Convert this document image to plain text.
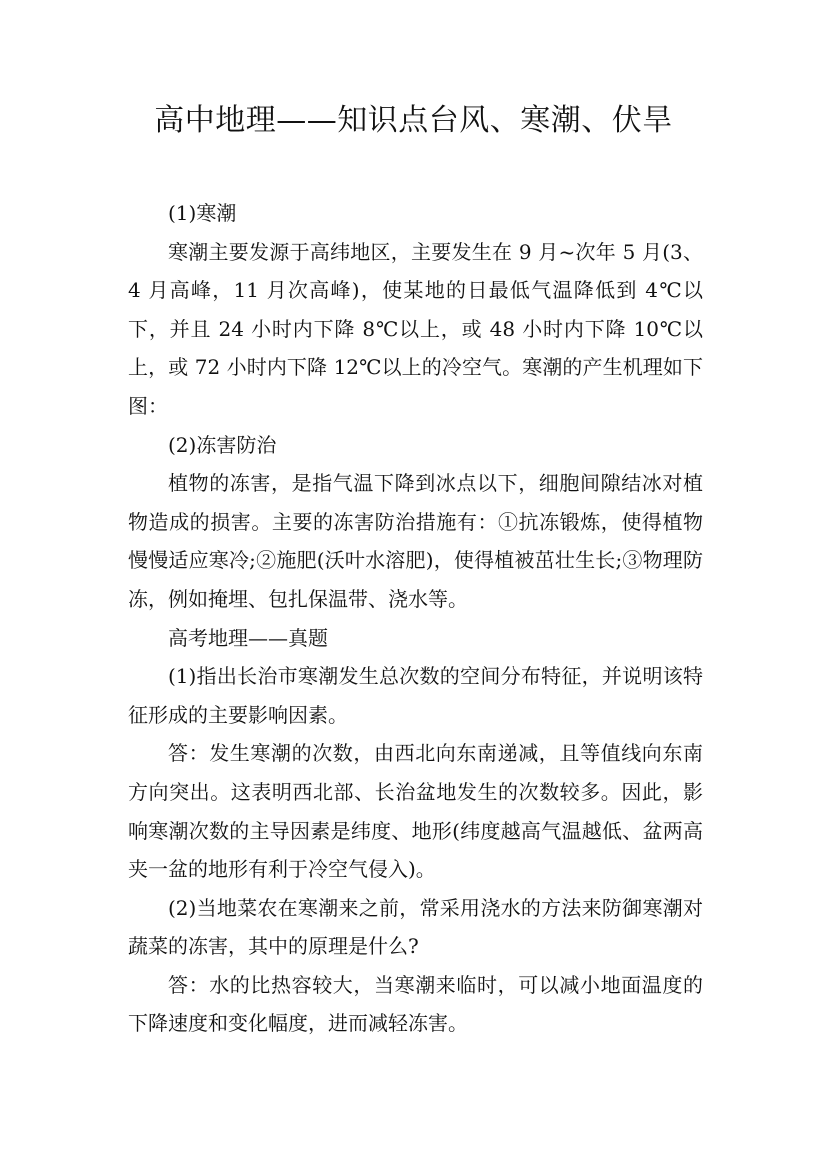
高中地理——知识点台风、寒潮、伏旱

(1)寒潮

寒潮主要发源于高纬地区，主要发生在 9 月~次年 5 月(3、4 月高峰，11 月次高峰)，使某地的日最低气温降低到 4℃以下，并且 24 小时内下降 8℃以上，或 48 小时内下降 10℃以上，或 72 小时内下降 12℃以上的冷空气。寒潮的产生机理如下图：

(2)冻害防治

植物的冻害，是指气温下降到冰点以下，细胞间隙结冰对植物造成的损害。主要的冻害防治措施有：①抗冻锻炼，使得植物慢慢适应寒冷;②施肥(沃叶水溶肥)，使得植被茁壮生长;③物理防冻，例如掩埋、包扎保温带、浇水等。

高考地理——真题

(1)指出长治市寒潮发生总次数的空间分布特征，并说明该特征形成的主要影响因素。

答：发生寒潮的次数，由西北向东南递减，且等值线向东南方向突出。这表明西北部、长治盆地发生的次数较多。因此，影响寒潮次数的主导因素是纬度、地形(纬度越高气温越低、盆两高夹一盆的地形有利于冷空气侵入)。

(2)当地菜农在寒潮来之前，常采用浇水的方法来防御寒潮对蔬菜的冻害，其中的原理是什么?

答：水的比热容较大，当寒潮来临时，可以减小地面温度的下降速度和变化幅度，进而减轻冻害。
